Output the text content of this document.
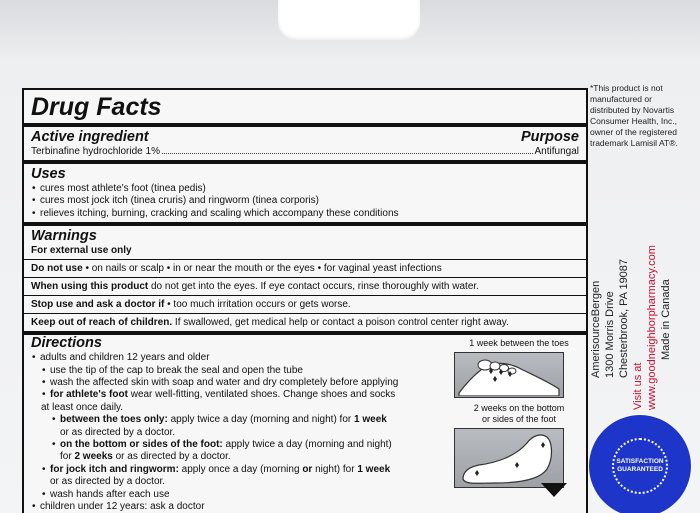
Drug Facts
Active ingredient	Purpose
Terbinafine hydrochloride 1%	Antifungal
Uses
• cures most athlete's foot (tinea pedis)
• cures most jock itch (tinea cruris) and ringworm (tinea corporis)
• relieves itching, burning, cracking and scaling which accompany these conditions
Warnings
For external use only
Do not use • on nails or scalp • in or near the mouth or the eyes • for vaginal yeast infections
When using this product do not get into the eyes. If eye contact occurs, rinse thoroughly with water.
Stop use and ask a doctor if • too much irritation occurs or gets worse.
Keep out of reach of children. If swallowed, get medical help or contact a poison control center right away.
Directions
• adults and children 12 years and older
• use the tip of the cap to break the seal and open the tube
• wash the affected skin with soap and water and dry completely before applying
• for athlete's foot wear well-fitting, ventilated shoes. Change shoes and socks
at least once daily.
• between the toes only: apply twice a day (morning and night) for 1 week
or as directed by a doctor.
• on the bottom or sides of the foot: apply twice a day (morning and night)
for 2 weeks or as directed by a doctor.
• for jock itch and ringworm: apply once a day (morning or night) for 1 week
or as directed by a doctor.
• wash hands after each use
• children under 12 years: ask a doctor
1 week between the toes
2 weeks on the bottom
or sides of the foot
*This product is not manufactured or distributed by Novartis Consumer Health, Inc., owner of the registered trademark Lamisil AT®.
AmerisourceBergen 1300 Morris Drive Chesterbrook, PA 19087
Visit us at www.goodneighborpharmacy.com Made in Canada
SATISFACTION GUARANTEED
